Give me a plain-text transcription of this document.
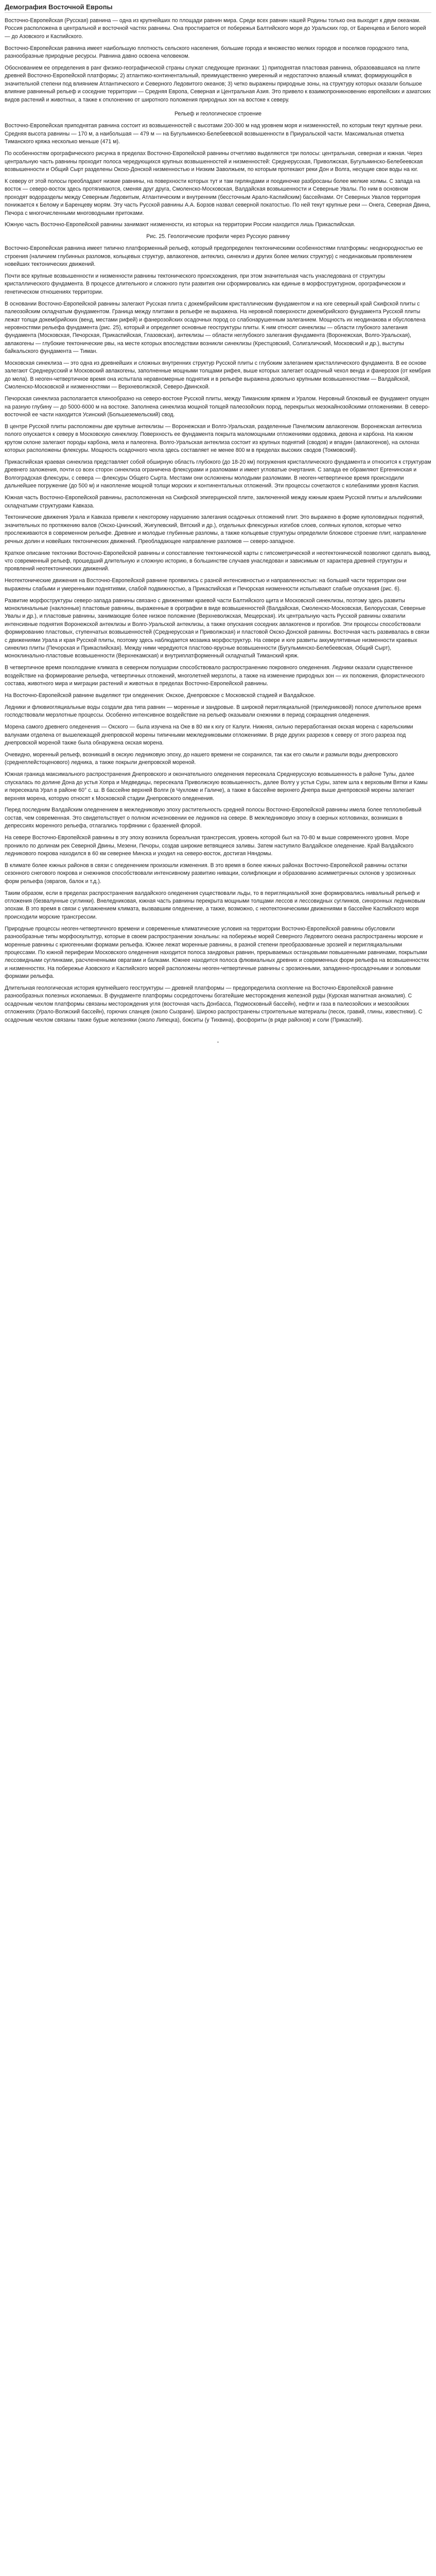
Демография Восточной Европы

Восточно-Европейская (Русская) равнина — одна из крупнейших по площади равнин мира. Среди всех равнин нашей Родины только она выходит к двум океанам. Россия расположена в центральной и восточной частях равнины. Она простирается от побережья Балтийского моря до Уральских гор, от Баренцева и Белого морей — до Азовского и Каспийского.

Восточно-Европейская равнина имеет наибольшую плотность сельского населения, большие города и множество мелких городов и поселков городского типа, разнообразные природные ресурсы. Равнина давно освоена человеком.

Обоснованием ее определения в ранг физико-географической страны служат следующие признаки: 1) приподнятая пластовая равнина, образовавшаяся на плите древней Восточно-Европейской платформы; 2) атлантико-континентальный, преимущественно умеренный и недостаточно влажный климат, формирующийся в значительной степени под влиянием Атлантического и Северного Ледовитого океанов; 3) четко выражены природные зоны, на структуру которых оказали большое влияние равнинный рельеф и соседние территории — Средняя Европа, Северная и Центральная Азия. Это привело к взаимопроникновению европейских и азиатских видов растений и животных, а также к отклонению от широтного положения природных зон на востоке к северу.

Рельеф и геологическое строение

Восточно-Европейская приподнятая равнина состоит из возвышенностей с высотами 200-300 м над уровнем моря и низменностей, по которым текут крупные реки. Средняя высота равнины — 170 м, а наибольшая — 479 м — на Бугульминско-Белебеевской возвышенности в Приуральской части. Максимальная отметка Тиманского кряжа несколько меньше (471 м).

По особенностям орографического рисунка в пределах Восточно-Европейской равнины отчетливо выделяются три полосы: центральная, северная и южная. Через центральную часть равнины проходит полоса чередующихся крупных возвышенностей и низменностей: Среднерусская, Приволжская, Бугульминско-Белебеевская возвышенности и Общий Сырт разделены Окско-Донской низменностью и Низким Заволжьем, по которым протекают реки Дон и Волга, несущие свои воды на юг.

К северу от этой полосы преобладают низкие равнины, на поверхности которых тут и там гирляндами и поодиночке разбросаны более мелкие холмы. С запада на восток — северо-восток здесь протягиваются, сменяя друг друга, Смоленско-Московская, Валдайская возвышенности и Северные Увалы. По ним в основном проходят водоразделы между Северным Ледовитым, Атлантическим и внутренним (бессточным Арало-Каспийским) бассейнами. От Северных Увалов территория понижается к Белому и Баренцеву морям. Эту часть Русской равнины А.А. Борзов назвал северной покатостью. По ней текут крупные реки — Онега, Северная Двина, Печора с многочисленными многоводными притоками.

Южную часть Восточно-Европейской равнины занимают низменности, из которых на территории России находится лишь Прикаспийская.

Рис. 25. Геологические профили через Русскую равнину

Восточно-Европейская равнина имеет типично платформенный рельеф, который предопределен тектоническими особенностями платформы: неоднородностью ее строения (наличием глубинных разломов, кольцевых структур, авлакогенов, антеклиз, синеклиз и других более мелких структур) с неодинаковым проявлением новейших тектонических движений.

Почти все крупные возвышенности и низменности равнины тектонического происхождения, при этом значительная часть унаследована от структуры кристаллического фундамента. В процессе длительного и сложного пути развития они сформировались как единые в морфоструктурном, орографическом и генетическом отношениях территории.

В основании Восточно-Европейской равнины залегают Русская плита с докембрийским кристаллическим фундаментом и на юге северный край Скифской плиты с палеозойским складчатым фундаментом. Граница между плитами в рельефе не выражена. На неровной поверхности докембрийского фундамента Русской плиты лежат толщи докембрийских (венд, местами рифей) и фанерозойских осадочных пород со слабонарушенным залеганием. Мощность их неодинакова и обусловлена неровностями рельефа фундамента (рис. 25), который и определяет основные геоструктуры плиты. К ним относят синеклизы — области глубокого залегания фундамента (Московская, Печорская, Прикаспийская, Глазовская), антеклизы — области неглубокого залегания фундамента (Воронежская, Волго-Уральская), авлакогены — глубокие тектонические рвы, на месте которых впоследствии возникли синеклизы (Крестцовский, Солигаличский, Московский и др.), выступы байкальского фундамента — Тиман.

Московская синеклиза — это одна из древнейших и сложных внутренних структур Русской плиты с глубоким залеганием кристаллического фундамента. В ее основе залегают Среднерусский и Московский авлакогены, заполненные мощными толщами рифея, выше которых залегает осадочный чехол венда и фанерозоя (от кембрия до мела). В неоген-четвертичное время она испытала неравномерные поднятия и в рельефе выражена довольно крупными возвышенностями — Валдайской, Смоленско-Московской и низменностями — Верхневолжской, Северо-Двинской.

Печорская синеклиза располагается клинообразно на северо-востоке Русской плиты, между Тиманским кряжем и Уралом. Неровный блоковый ее фундамент опущен на разную глубину — до 5000-6000 м на востоке. Заполнена синеклиза мощной толщей палеозойских пород, перекрытых мезокайнозойскими отложениями. В северо-восточной ее части находится Усинский (Большеземельский) свод.

В центре Русской плиты расположены две крупные антеклизы — Воронежская и Волго-Уральская, разделенные Пачелмским авлакогеном. Воронежская антеклиза полого опускается к северу в Московскую синеклизу. Поверхность ее фундамента покрыта маломощными отложениями ордовика, девона и карбона. На южном крутом склоне залегают породы карбона, мела и палеогена. Волго-Уральская антеклиза состоит из крупных поднятий (сводов) и впадин (авлакогенов), на склонах которых расположены флексуры. Мощность осадочного чехла здесь составляет не менее 800 м в пределах высоких сводов (Токмовский).

Прикаспийская краевая синеклиза представляет собой обширную область глубокого (до 18-20 км) погружения кристаллического фундамента и относится к структурам древнего заложения, почти со всех сторон синеклиза ограничена флексурами и разломами и имеет угловатые очертания. С запада ее обрамляют Ергенинская и Волгоградская флексуры, с севера — флексуры Общего Сырта. Местами они осложнены молодыми разломами. В неоген-четвертичное время происходили дальнейшее погружение (до 500 м) и накопление мощной толщи морских и континентальных отложений. Эти процессы сочетаются с колебаниями уровня Каспия.

Южная часть Восточно-Европейской равнины, расположенная на Скифской эпигерцинской плите, заключенной между южным краем Русской плиты и альпийскими складчатыми структурами Кавказа.

Тектонические движения Урала и Кавказа привели к некоторому нарушению залегания осадочных отложений плит. Это выражено в форме куполовидных поднятий, значительных по протяжению валов (Окско-Цнинский, Жигулевский, Вятский и др.), отдельных флексурных изгибов слоев, соляных куполов, которые четко прослеживаются в современном рельефе. Древние и молодые глубинные разломы, а также кольцевые структуры определили блоковое строение плит, направление речных долин и новейших тектонических движений. Преобладающее направление разломов — северо-западное.

Краткое описание тектоники Восточно-Европейской равнины и сопоставление тектонической карты с гипсометрической и неотектонической позволяют сделать вывод, что современный рельеф, прошедший длительную и сложную историю, в большинстве случаев унаследован и зависимым от характера древней структуры и проявлений неотектонических движений.

Неотектонические движения на Восточно-Европейской равнине проявились с разной интенсивностью и направленностью: на большей части территории они выражены слабыми и умеренными поднятиями, слабой подвижностью, а Прикаспийская и Печорская низменности испытывают слабые опускания (рис. 6).

Развитие морфоструктуры северо-запада равнины связано с движениями краевой части Балтийского щита и Московской синеклизы, поэтому здесь развиты моноклинальные (наклонные) пластовые равнины, выраженные в орографии в виде возвышенностей (Валдайская, Смоленско-Московская, Белорусская, Северные Увалы и др.), и пластовые равнины, занимающие более низкое положение (Верхневолжская, Мещерская). Их центральную часть Русской равнины охватили интенсивные поднятия Воронежской антеклизы и Волго-Уральской антеклизы, а также опускания соседних авлакогенов и прогибов. Эти процессы способствовали формированию пластовых, ступенчатых возвышенностей (Среднерусская и Приволжская) и пластовой Окско-Донской равнины. Восточная часть развивалась в связи с движениями Урала и края Русской плиты, поэтому здесь наблюдается мозаика морфоструктур. На севере и юге развиты аккумулятивные низменности краевых синеклиз плиты (Печорская и Прикаспийская). Между ними чередуются пластово-ярусные возвышенности (Бугульминско-Белебеевская, Общий Сырт), моноклинально-пластовые возвышенности (Верхнекамская) и внутриплатформенный складчатый Тиманский кряж.

В четвертичное время похолодание климата в северном полушарии способствовало распространению покровного оледенения. Ледники оказали существенное воздействие на формирование рельефа, четвертичных отложений, многолетней мерзлоты, а также на изменение природных зон — их положения, флористического состава, животного мира и миграции растений и животных в пределах Восточно-Европейской равнины.

На Восточно-Европейской равнине выделяют три оледенения: Окское, Днепровское с Московской стадией и Валдайское.

Ледники и флювиогляциальные воды создали два типа равнин — моренные и зандровые. В широкой перигляциальной (приледниковой) полосе длительное время господствовали мерзлотные процессы. Особенно интенсивное воздействие на рельеф оказывали снежники в период сокращения оледенения.

Морена самого древнего оледенения — Окского — была изучена на Оке в 80 км к югу от Калуги. Нижняя, сильно переработанная окская морена с карельскими валунами отделена от вышележащей днепровской морены типичными межледниковыми отложениями. В ряде других разрезов к северу от этого разреза под днепровской мореной также была обнаружена окская морена.

Очевидно, моренный рельеф, возникший в окскую ледниковую эпоху, до нашего времени не сохранился, так как его смыли и размыли воды днепровского (среднеплейстоценового) ледника, а также покрыли днепровской мореной.

Южная граница максимального распространения Днепровского и окончательного оледенения пересекала Среднерусскую возвышенность в районе Тулы, далее спускалась по долине Дона до устья Хопра и Медведицы, пересекала Приволжскую возвышенность, далее Волгу у устья Суры, затем шла к верховьям Вятки и Камы и пересекала Урал в районе 60° с. ш. В бассейне верхней Волги (в Чухломе и Галиче), а также в бассейне верхнего Днепра выше днепровской морены залегает верхняя морена, которую относят к Московской стадии Днепровского оледенения.

Перед последним Валдайским оледенением в межледниковую эпоху растительность средней полосы Восточно-Европейской равнины имела более теплолюбивый состав, чем современная. Это свидетельствует о полном исчезновении ее ледников на севере. В межледниковую эпоху в озерных котловинах, возникших в депрессиях моренного рельефа, отлагались торфяники с бразенией флорой.

На севере Восточно-Европейской равнины в эту эпоху возникла бореальная трансгрессия, уровень которой был на 70-80 м выше современного уровня. Море проникло по долинам рек Северной Двины, Мезени, Печоры, создав широкие ветвящиеся заливы. Затем наступило Валдайское оледенение. Край Валдайского ледникового покрова находился в 60 км севернее Минска и уходил на северо-восток, достигая Няндомы.

В климате более южных районов в связи с оледенением произошли изменения. В это время в более южных районах Восточно-Европейской равнины остатки сезонного снегового покрова и снежников способствовали интенсивному развитию нивации, солифлюкции и образованию асимметричных склонов у эрозионных форм рельефа (оврагов, балок и т.д.).

Таким образом, если в пределах распространения валдайского оледенения существовали льды, то в перигляциальной зоне формировались нивальный рельеф и отложения (безвалунные суглинки). Внеледниковая, южная часть равнины перекрыта мощными толщами лессов и лессовидных суглинков, синхронных ледниковым эпохам. В это время в связи с увлажнением климата, вызвавшим оледенение, а также, возможно, с неотектоническими движениями в бассейне Каспийского моря происходили морские трансгрессии.

Природные процессы неоген-четвертичного времени и современные климатические условия на территории Восточно-Европейской равнины обусловили разнообразные типы морфоскульптур, которые в своем распространении зональны: на побережье морей Северного Ледовитого океана распространены морские и моренные равнины с криогенными формами рельефа. Южнее лежат моренные равнины, в разной степени преобразованные эрозией и перигляциальными процессами. По южной периферии Московского оледенения находится полоса зандровых равнин, прерываемых останцовыми повышенными равнинами, покрытыми лессовидными суглинками, расчлененными оврагами и балками. Южнее находится полоса флювиальных древних и современных форм рельефа на возвышенностях и низменностях. На побережье Азовского и Каспийского морей расположены неоген-четвертичные равнины с эрозионными, западинно-просадочными и эоловыми формами рельефа.

Длительная геологическая история крупнейшего геоструктуры — древней платформы — предопределила скопление на Восточно-Европейской равнине разнообразных полезных ископаемых. В фундаменте платформы сосредоточены богатейшие месторождения железной руды (Курская магнитная аномалия). С осадочным чехлом платформы связаны месторождения угля (восточная часть Донбасса, Подмосковный бассейн), нефти и газа в палеозойских и мезозойских отложениях (Урало-Волжский бассейн), горючих сланцев (около Сызрани). Широко распространены строительные материалы (песок, гравий, глины, известняки). С осадочным чехлом связаны также бурые железняки (около Липецка), бокситы (у Тихвина), фосфориты (в ряде районов) и соли (Прикаспий).

•
